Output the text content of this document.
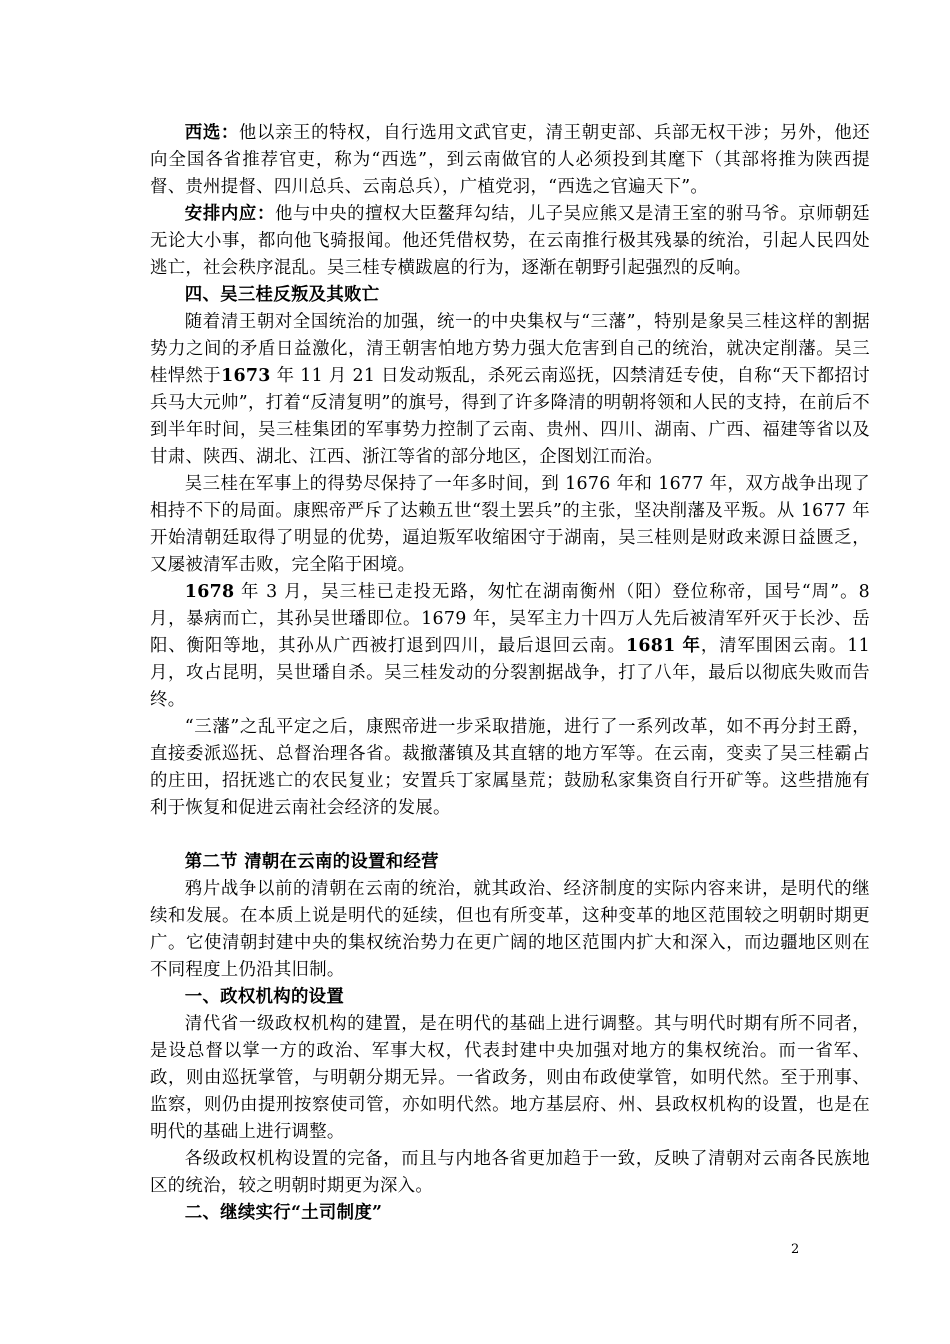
西选：他以亲王的特权，自行选用文武官吏，清王朝吏部、兵部无权干涉；另外，他还向全国各省推荐官吏，称为“西选”，到云南做官的人必须投到其麾下（其部将推为陕西提督、贵州提督、四川总兵、云南总兵），广植党羽，“西选之官遍天下”。

安排内应：他与中央的擅权大臣鳌拜勾结，儿子吴应熊又是清王室的驸马爷。京师朝廷无论大小事，都向他飞骑报闻。他还凭借权势，在云南推行极其残暴的统治，引起人民四处逃亡，社会秩序混乱。吴三桂专横跋扈的行为，逐渐在朝野引起强烈的反响。

四、吴三桂反叛及其败亡

随着清王朝对全国统治的加强，统一的中央集权与“三藩”，特别是象吴三桂这样的割据势力之间的矛盾日益激化，清王朝害怕地方势力强大危害到自己的统治，就决定削藩。吴三桂悍然于1673 年 11 月 21 日发动叛乱，杀死云南巡抚，囚禁清廷专使，自称“天下都招讨兵马大元帅”，打着“反清复明”的旗号，得到了许多降清的明朝将领和人民的支持，在前后不到半年时间，吴三桂集团的军事势力控制了云南、贵州、四川、湖南、广西、福建等省以及甘肃、陕西、湖北、江西、浙江等省的部分地区，企图划江而治。

吴三桂在军事上的得势尽保持了一年多时间，到 1676 年和 1677 年，双方战争出现了相持不下的局面。康熙帝严斥了达赖五世“裂土罢兵”的主张，坚决削藩及平叛。从 1677 年开始清朝廷取得了明显的优势，逼迫叛军收缩困守于湖南，吴三桂则是财政来源日益匮乏，又屡被清军击败，完全陷于困境。

1678 年 3 月，吴三桂已走投无路，匆忙在湖南衡州（阳）登位称帝，国号“周”。8 月，暴病而亡，其孙吴世璠即位。1679 年，吴军主力十四万人先后被清军歼灭于长沙、岳阳、衡阳等地，其孙从广西被打退到四川，最后退回云南。1681 年，清军围困云南。11 月，攻占昆明，吴世璠自杀。吴三桂发动的分裂割据战争，打了八年，最后以彻底失败而告终。

“三藩”之乱平定之后，康熙帝进一步采取措施，进行了一系列改革，如不再分封王爵，直接委派巡抚、总督治理各省。裁撤藩镇及其直辖的地方军等。在云南，变卖了吴三桂霸占的庄田，招抚逃亡的农民复业；安置兵丁家属垦荒；鼓励私家集资自行开矿等。这些措施有利于恢复和促进云南社会经济的发展。

第二节 清朝在云南的设置和经营

鸦片战争以前的清朝在云南的统治，就其政治、经济制度的实际内容来讲，是明代的继续和发展。在本质上说是明代的延续，但也有所变革，这种变革的地区范围较之明朝时期更广。它使清朝封建中央的集权统治势力在更广阔的地区范围内扩大和深入，而边疆地区则在不同程度上仍沿其旧制。

一、政权机构的设置

清代省一级政权机构的建置，是在明代的基础上进行调整。其与明代时期有所不同者，是设总督以掌一方的政治、军事大权，代表封建中央加强对地方的集权统治。而一省军、政，则由巡抚掌管，与明朝分期无异。一省政务，则由布政使掌管，如明代然。至于刑事、监察，则仍由提刑按察使司管，亦如明代然。地方基层府、州、县政权机构的设置，也是在明代的基础上进行调整。

各级政权机构设置的完备，而且与内地各省更加趋于一致，反映了清朝对云南各民族地区的统治，较之明朝时期更为深入。

二、继续实行“土司制度”

2
